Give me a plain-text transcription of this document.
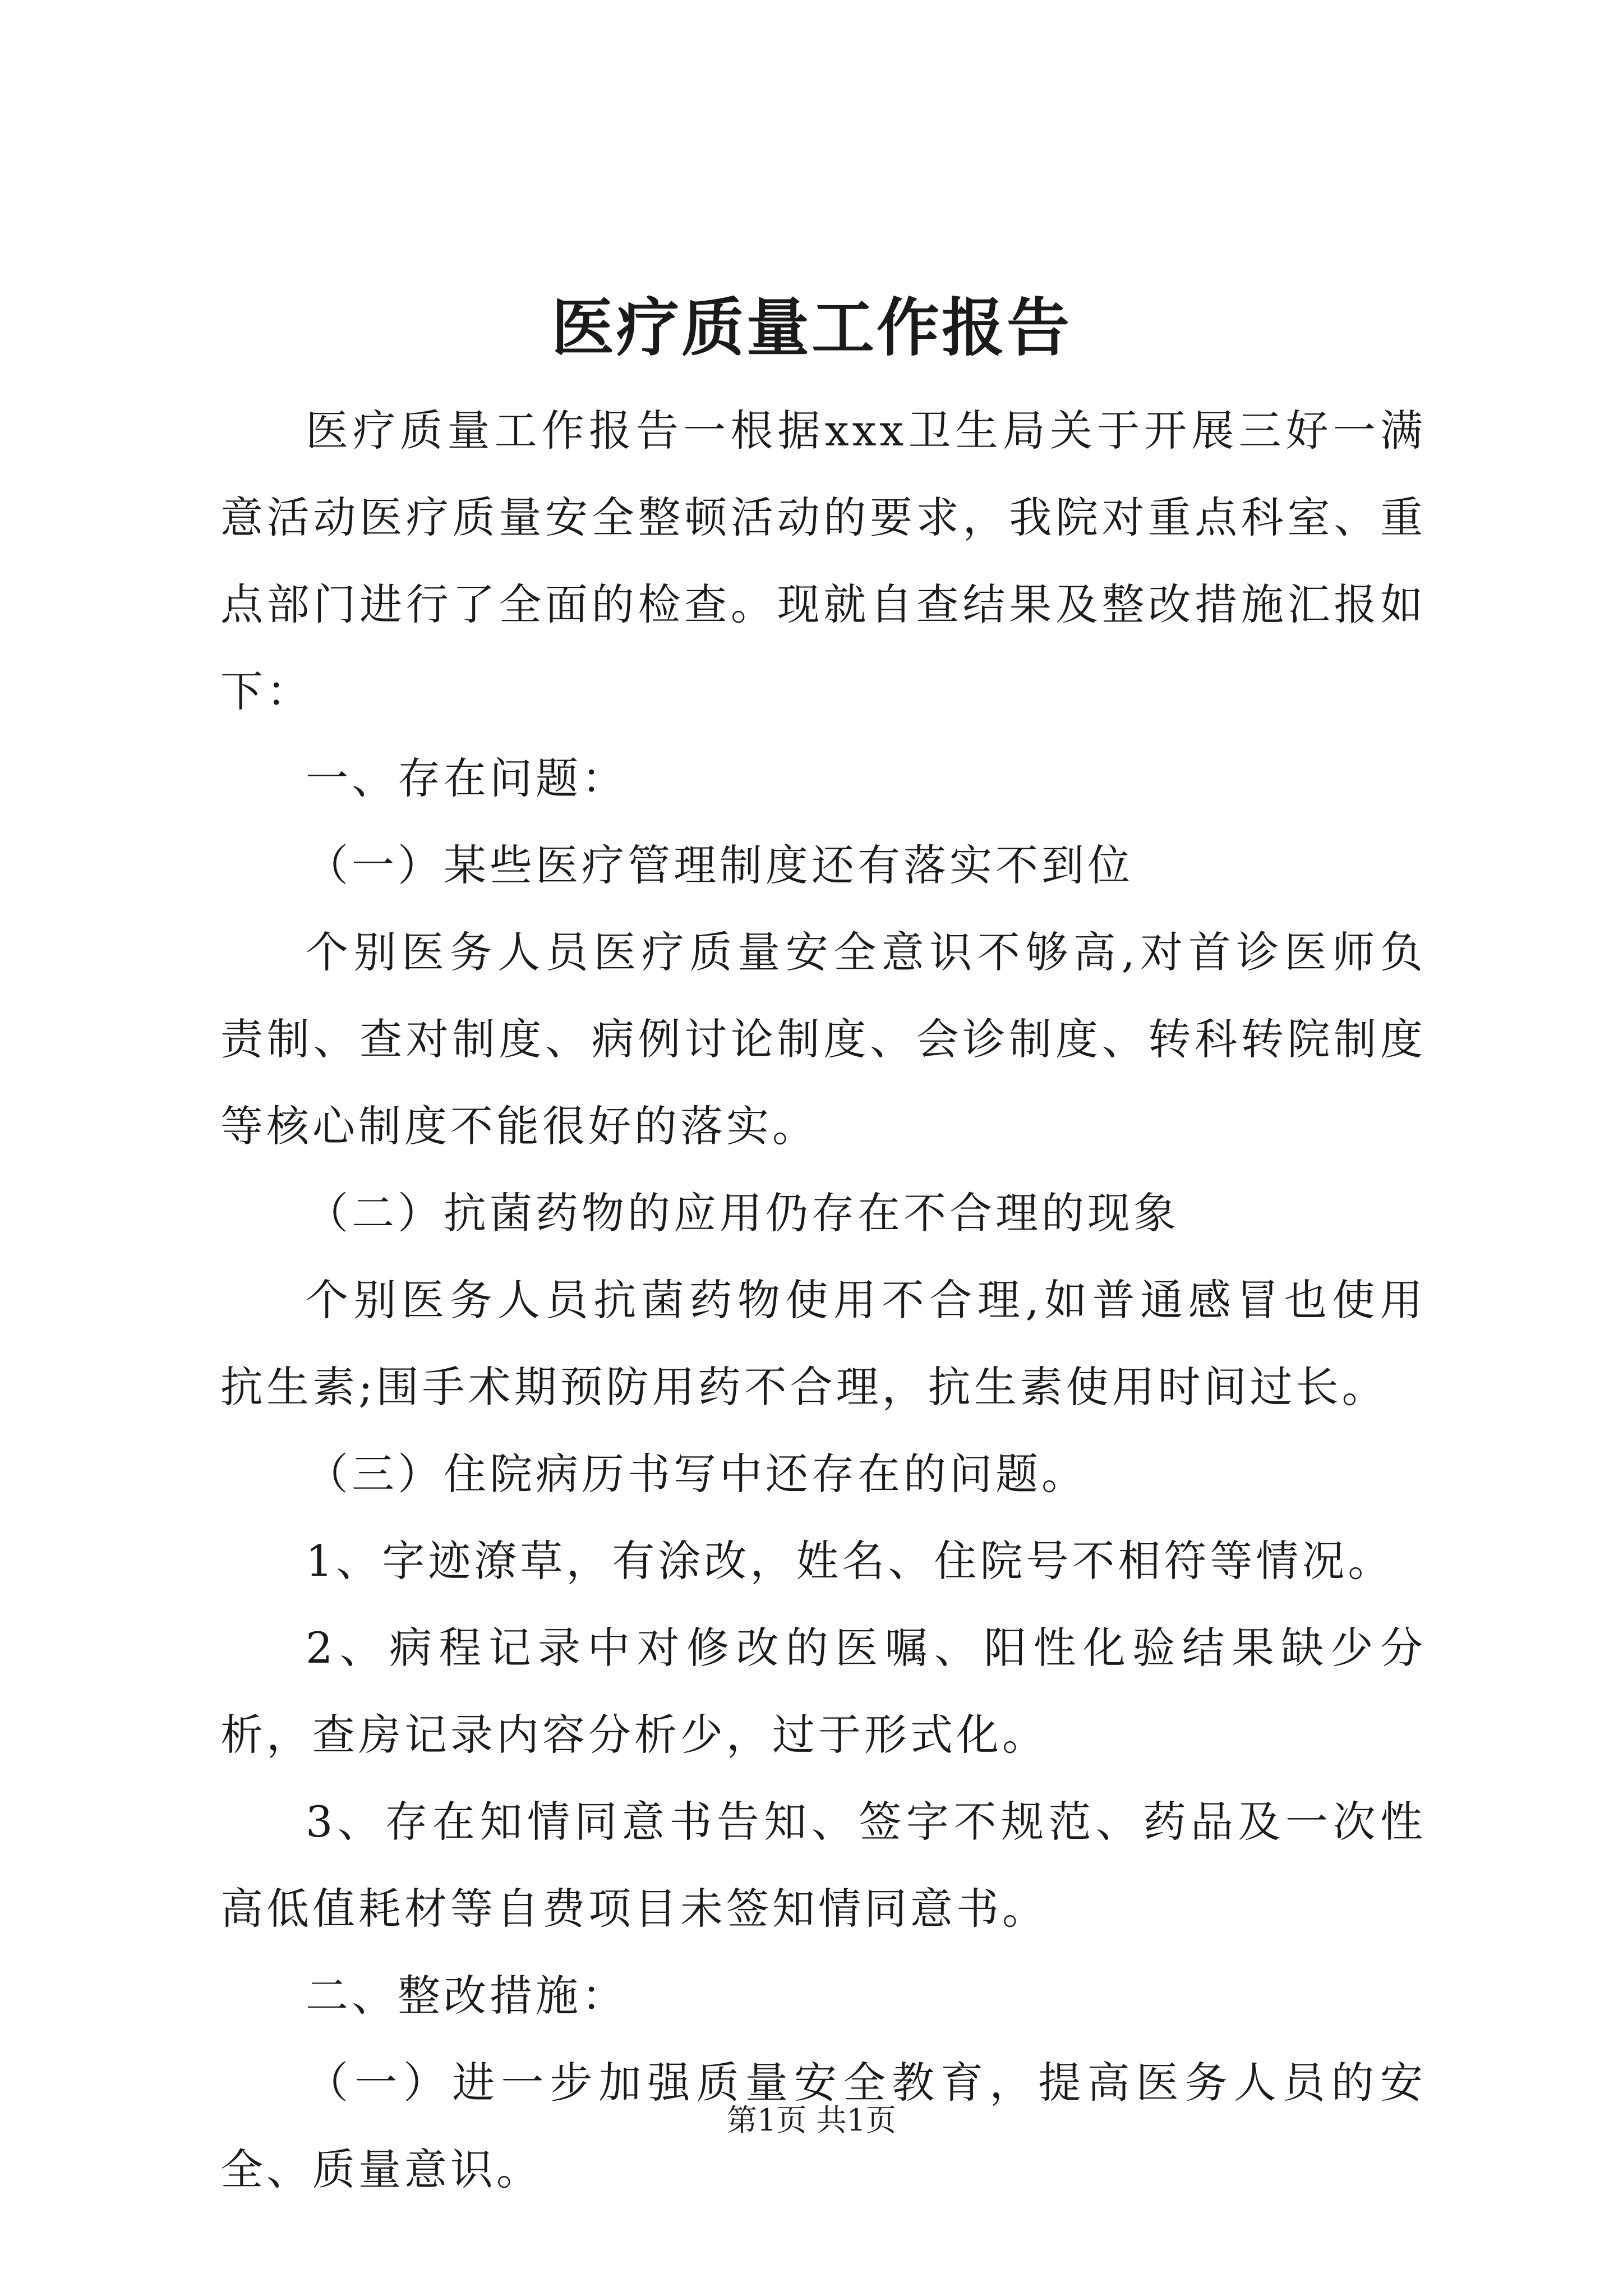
医疗质量工作报告

医疗质量工作报告一根据xxx卫生局关于开展三好一满意活动医疗质量安全整顿活动的要求，我院对重点科室、重点部门进行了全面的检查。现就自查结果及整改措施汇报如下：

一、存在问题：

（一）某些医疗管理制度还有落实不到位

个别医务人员医疗质量安全意识不够高,对首诊医师负责制、查对制度、病例讨论制度、会诊制度、转科转院制度等核心制度不能很好的落实。

（二）抗菌药物的应用仍存在不合理的现象

个别医务人员抗菌药物使用不合理,如普通感冒也使用抗生素;围手术期预防用药不合理，抗生素使用时间过长。

（三）住院病历书写中还存在的问题。

1、字迹潦草，有涂改，姓名、住院号不相符等情况。

2、病程记录中对修改的医嘱、阳性化验结果缺少分析，查房记录内容分析少，过于形式化。

3、存在知情同意书告知、签字不规范、药品及一次性高低值耗材等自费项目未签知情同意书。

二、整改措施：

（一）进一步加强质量安全教育，提高医务人员的安全、质量意识。

第1页 共1页
